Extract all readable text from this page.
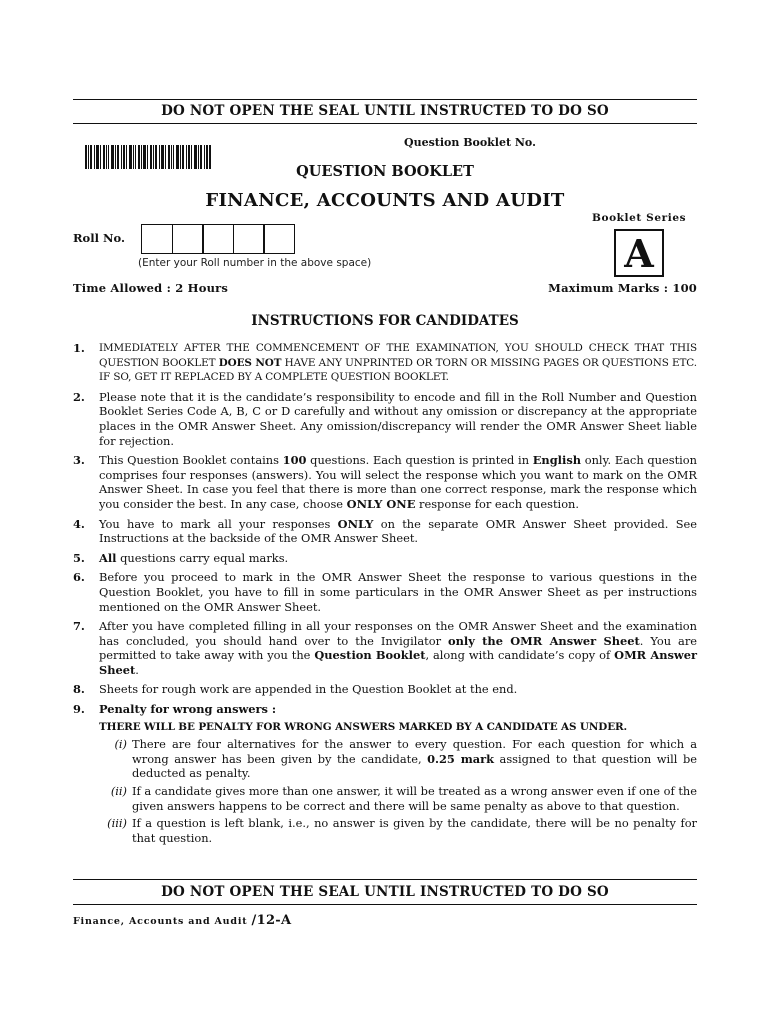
DO NOT OPEN THE SEAL UNTIL INSTRUCTED TO DO SO
Question Booklet No.
QUESTION BOOKLET
FINANCE, ACCOUNTS AND AUDIT
Booklet Series
A
Roll No.
(Enter your Roll number in the above space)
Time Allowed : 2 Hours	Maximum Marks : 100
INSTRUCTIONS FOR CANDIDATES
1.	IMMEDIATELY AFTER THE COMMENCEMENT OF THE EXAMINATION, YOU SHOULD CHECK THAT THIS QUESTION BOOKLET DOES NOT HAVE ANY UNPRINTED OR TORN OR MISSING PAGES OR QUESTIONS ETC. IF SO, GET IT REPLACED BY A COMPLETE QUESTION BOOKLET.
2.	Please note that it is the candidate’s responsibility to encode and fill in the Roll Number and Question Booklet Series Code A, B, C or D carefully and without any omission or discrepancy at the appropriate places in the OMR Answer Sheet. Any omission/discrepancy will render the OMR Answer Sheet liable for rejection.
3.	This Question Booklet contains 100 questions. Each question is printed in English only. Each question comprises four responses (answers). You will select the response which you want to mark on the OMR Answer Sheet. In case you feel that there is more than one correct response, mark the response which you consider the best. In any case, choose ONLY ONE response for each question.
4.	You have to mark all your responses ONLY on the separate OMR Answer Sheet provided. See Instructions at the backside of the OMR Answer Sheet.
5.	All questions carry equal marks.
6.	Before you proceed to mark in the OMR Answer Sheet the response to various questions in the Question Booklet, you have to fill in some particulars in the OMR Answer Sheet as per instructions mentioned on the OMR Answer Sheet.
7.	After you have completed filling in all your responses on the OMR Answer Sheet and the examination has concluded, you should hand over to the Invigilator only the OMR Answer Sheet. You are permitted to take away with you the Question Booklet, along with candidate’s copy of OMR Answer Sheet.
8.	Sheets for rough work are appended in the Question Booklet at the end.
9.	Penalty for wrong answers :
THERE WILL BE PENALTY FOR WRONG ANSWERS MARKED BY A CANDIDATE AS UNDER.
(i) There are four alternatives for the answer to every question. For each question for which a wrong answer has been given by the candidate, 0.25 mark assigned to that question will be deducted as penalty.
(ii) If a candidate gives more than one answer, it will be treated as a wrong answer even if one of the given answers happens to be correct and there will be same penalty as above to that question.
(iii) If a question is left blank, i.e., no answer is given by the candidate, there will be no penalty for that question.
DO NOT OPEN THE SEAL UNTIL INSTRUCTED TO DO SO
Finance, Accounts and Audit /12-A
